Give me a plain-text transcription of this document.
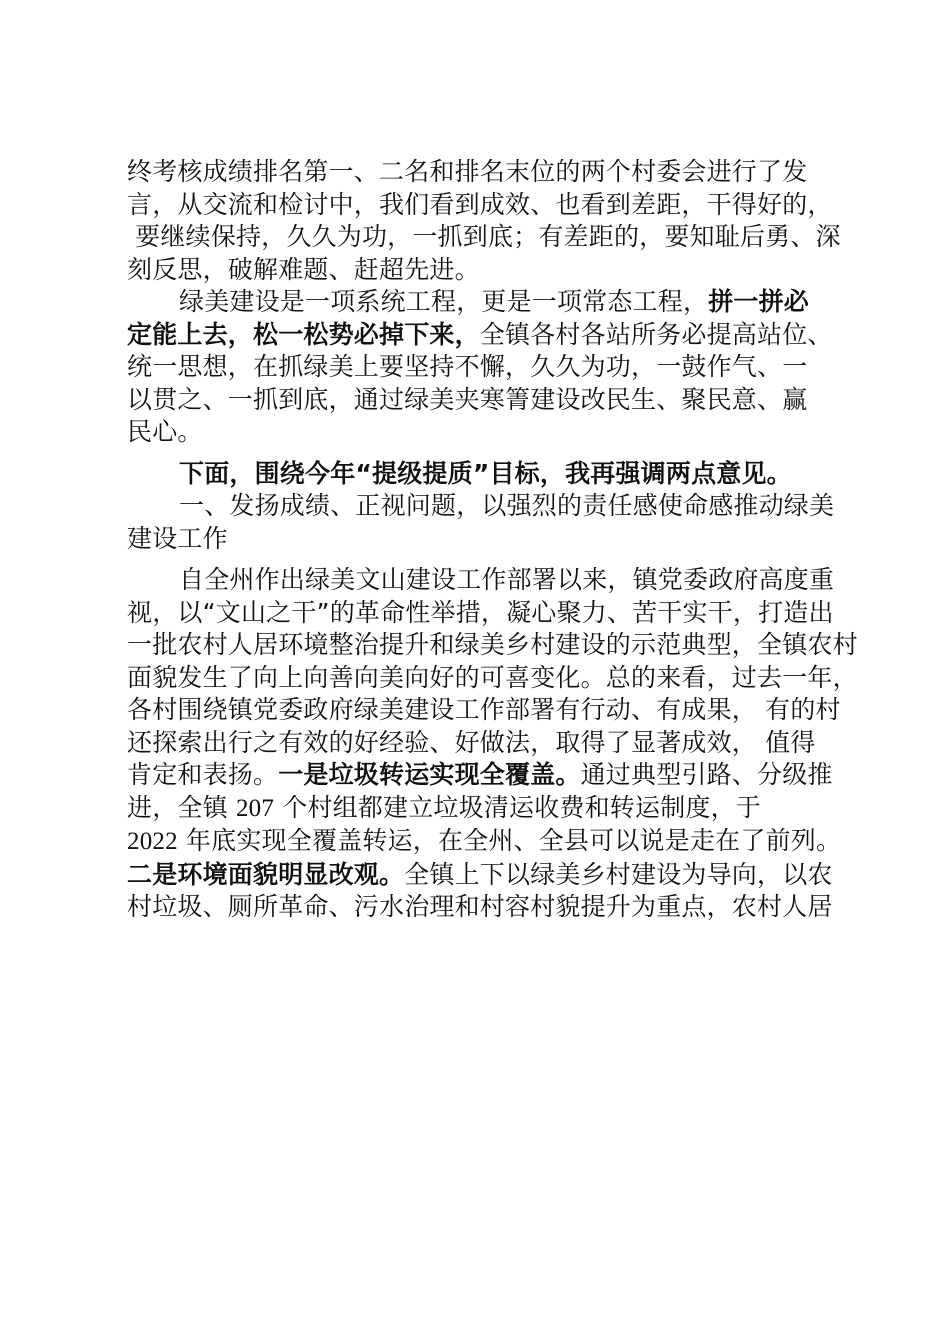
终考核成绩排名第一、二名和排名末位的两个村委会进行了发
言，从交流和检讨中，我们看到成效、也看到差距，干得好的，
要继续保持，久久为功，一抓到底；有差距的，要知耻后勇、深
刻反思，破解难题、赶超先进。
绿美建设是一项系统工程，更是一项常态工程，拼一拼必
定能上去，松一松势必掉下来，全镇各村各站所务必提高站位、
统一思想，在抓绿美上要坚持不懈，久久为功，一鼓作气、一
以贯之、一抓到底，通过绿美夹寒箐建设改民生、聚民意、赢
民心。
下面，围绕今年“提级提质”目标，我再强调两点意见。
一、发扬成绩、正视问题，以强烈的责任感使命感推动绿美
建设工作
自全州作出绿美文山建设工作部署以来，镇党委政府高度重
视，以“文山之干”的革命性举措，凝心聚力、苦干实干，打造出
一批农村人居环境整治提升和绿美乡村建设的示范典型，全镇农村
面貌发生了向上向善向美向好的可喜变化。总的来看，过去一年，
各村围绕镇党委政府绿美建设工作部署有行动、有成果， 有的村
还探索出行之有效的好经验、好做法，取得了显著成效， 值得
肯定和表扬。一是垃圾转运实现全覆盖。通过典型引路、分级推
进，全镇 207 个村组都建立垃圾清运收费和转运制度，于
2022 年底实现全覆盖转运，在全州、全县可以说是走在了前列。
二是环境面貌明显改观。全镇上下以绿美乡村建设为导向，以农
村垃圾、厕所革命、污水治理和村容村貌提升为重点，农村人居
